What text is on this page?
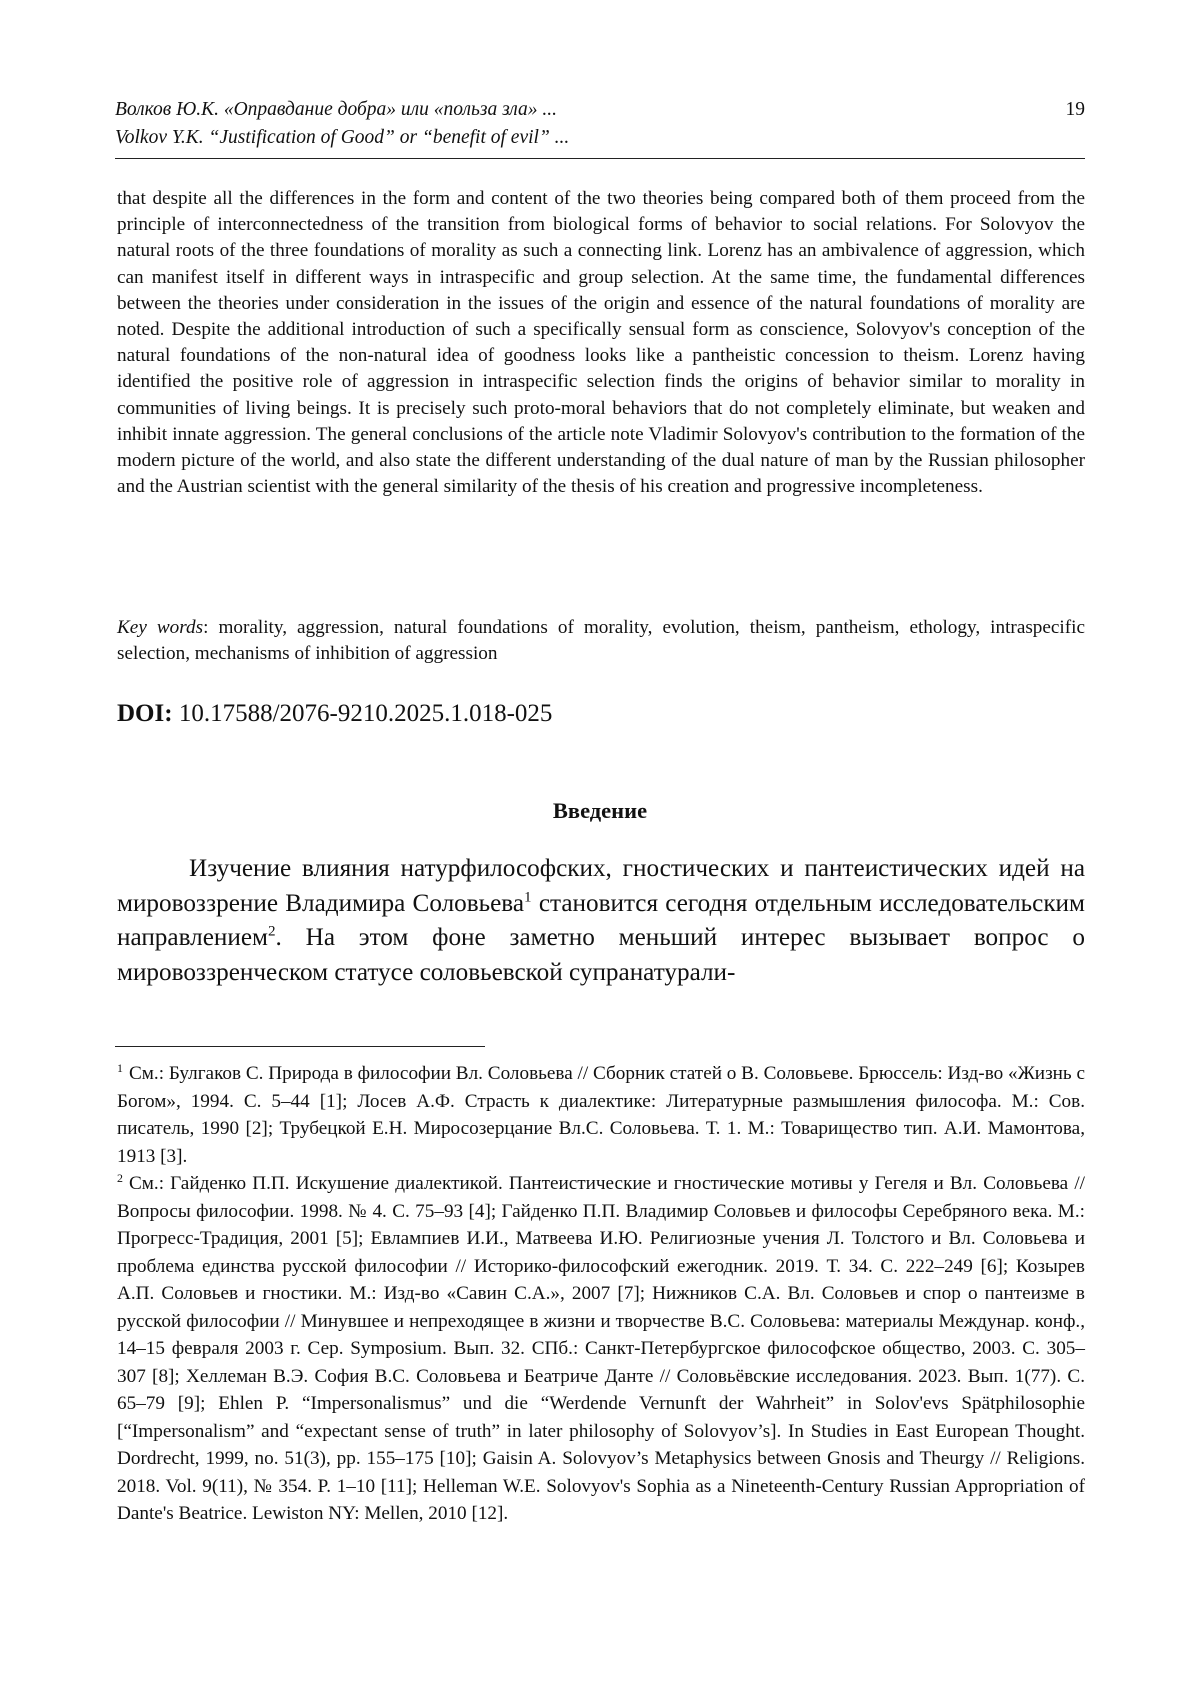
Волков Ю.К. «Оправдание добра» или «польза зла» ...
Volkov Y.K. “Justification of Good” or “benefit of evil” ...
19

that despite all the differences in the form and content of the two theories being compared both of them proceed from the principle of interconnectedness of the transition from biological forms of behavior to social relations. For Solovyov the natural roots of the three foundations of morality as such a connecting link. Lorenz has an ambivalence of aggression, which can manifest itself in different ways in intraspecific and group selection. At the same time, the fundamental differences between the theories under consideration in the issues of the origin and essence of the natural foundations of morality are noted. Despite the additional introduction of such a specifically sensual form as conscience, Solovyov's conception of the natural foundations of the non-natural idea of goodness looks like a pantheistic concession to theism. Lorenz having identified the positive role of aggression in intraspecific selection finds the origins of behavior similar to morality in communities of living beings. It is precisely such proto-moral behaviors that do not completely eliminate, but weaken and inhibit innate aggression. The general conclusions of the article note Vladimir Solovyov's contribution to the formation of the modern picture of the world, and also state the different understanding of the dual nature of man by the Russian philosopher and the Austrian scientist with the general similarity of the thesis of his creation and progressive incompleteness.

Key words: morality, aggression, natural foundations of morality, evolution, theism, pantheism, ethology, intraspecific selection, mechanisms of inhibition of aggression

DOI: 10.17588/2076-9210.2025.1.018-025
Введение

Изучение влияния натурфилософских, гностических и пантеистических идей на мировоззрение Владимира Соловьева$^1$ становится сегодня отдельным исследовательским направлением$^2$. На этом фоне заметно меньший интерес вызывает вопрос о мировоззренческом статусе соловьевской супранатурали-

$^1$ См.: Булгаков С. Природа в философии Вл. Соловьева // Сборник статей о В. Соловьеве. Брюссель: Изд-во «Жизнь с Богом», 1994. С. 5–44 [1]; Лосев А.Ф. Страсть к диалектике: Литературные размышления философа. М.: Сов. писатель, 1990 [2]; Трубецкой Е.Н. Миросозерцание Вл.С. Соловьева. Т. 1. М.: Товарищество тип. А.И. Мамонтова, 1913 [3].

$^2$ См.: Гайденко П.П. Искушение диалектикой. Пантеистические и гностические мотивы у Гегеля и Вл. Соловьева // Вопросы философии. 1998. № 4. С. 75–93 [4]; Гайденко П.П. Владимир Соловьев и философы Серебряного века. М.: Прогресс-Традиция, 2001 [5]; Евлампиев И.И., Матвеева И.Ю. Религиозные учения Л. Толстого и Вл. Соловьева и проблема единства русской философии // Историко-философский ежегодник. 2019. Т. 34. С. 222–249 [6]; Козырев А.П. Соловьев и гностики. М.: Изд-во «Савин С.А.», 2007 [7]; Нижников С.А. Вл. Соловьев и спор о пантеизме в русской философии // Минувшее и непреходящее в жизни и творчестве В.С. Соловьева: материалы Междунар. конф., 14–15 февраля 2003 г. Сер. Symposium. Вып. 32. СПб.: Санкт-Петербургское философское общество, 2003. С. 305–307 [8]; Хеллеман В.Э. София В.С. Соловьева и Беатриче Данте // Соловьёвские исследования. 2023. Вып. 1(77). С. 65–79 [9]; Ehlen P. “Impersonalismus” und die “Werdende Vernunft der Wahrheit” in Solov'evs Spätphilosophie [“Impersonalism” and “expectant sense of truth” in later philosophy of Solovyov’s]. In Studies in East European Thought. Dordrecht, 1999, no. 51(3), pp. 155–175 [10]; Gaisin A. Solovyov’s Metaphysics between Gnosis and Theurgy // Religions. 2018. Vol. 9(11), № 354. P. 1–10 [11]; Helleman W.E. Solovyov's Sophia as a Nineteenth-Century Russian Appropriation of Dante's Beatrice. Lewiston NY: Mellen, 2010 [12].
